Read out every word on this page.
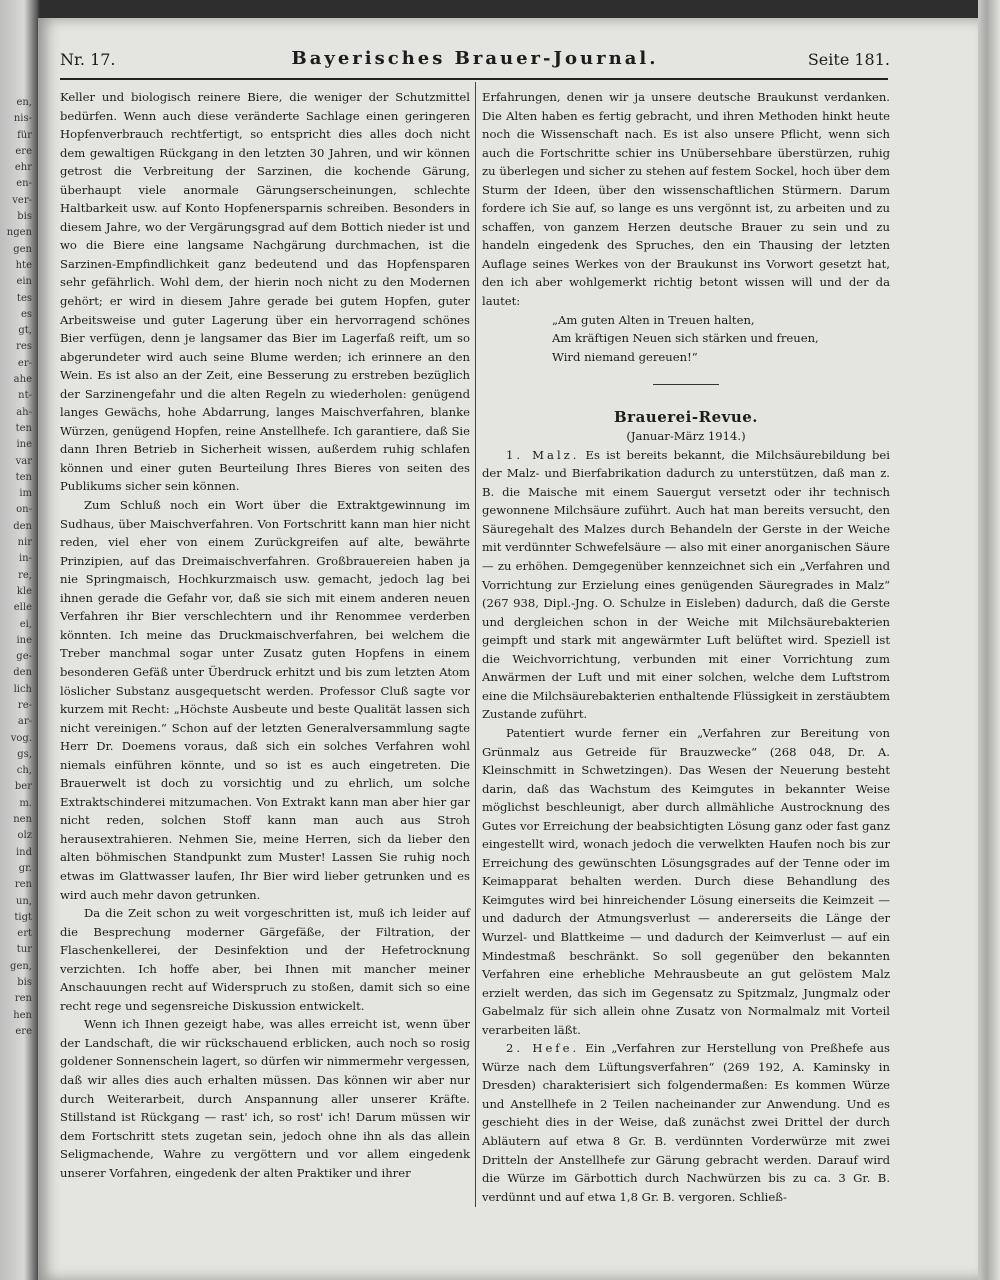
en,
nis-
für
ere
ehr
en-
ver-
bis
ngen
gen
hte
ein
tes
es
gt,
res
er-
ahe
nt-
ah-
ten
ine
var
ten
im
on-
den
nir
in-
re,
kle
elle
ei,
ine
ge-
den
lich
re-
ar-
vog.
gs,
ch,
ber
m.
nen
olz
ind
gr.
ren
un,
tigt
ert
tur
gen,
bis
ren
hen
ere
Nr. 17.	Bayerisches Brauer-Journal.	Seite 181.

Keller und biologisch reinere Biere, die weniger der Schutzmittel bedürfen. Wenn auch diese veränderte Sachlage einen geringeren Hopfenverbrauch rechtfertigt, so entspricht dies alles doch nicht dem gewaltigen Rückgang in den letzten 30 Jahren, und wir können getrost die Verbreitung der Sarzinen, die kochende Gärung, überhaupt viele anormale Gärungserscheinungen, schlechte Haltbarkeit usw. auf Konto Hopfenersparnis schreiben. Besonders in diesem Jahre, wo der Vergärungsgrad auf dem Bottich nieder ist und wo die Biere eine langsame Nachgärung durchmachen, ist die Sarzinen-Empfindlichkeit ganz bedeutend und das Hopfensparen sehr gefährlich. Wohl dem, der hierin noch nicht zu den Modernen gehört; er wird in diesem Jahre gerade bei gutem Hopfen, guter Arbeitsweise und guter Lagerung über ein hervorragend schönes Bier verfügen, denn je langsamer das Bier im Lagerfaß reift, um so abgerundeter wird auch seine Blume werden; ich erinnere an den Wein. Es ist also an der Zeit, eine Besserung zu erstreben bezüglich der Sarzinengefahr und die alten Regeln zu wiederholen: genügend langes Gewächs, hohe Abdarrung, langes Maischverfahren, blanke Würzen, genügend Hopfen, reine Anstellhefe. Ich garantiere, daß Sie dann Ihren Betrieb in Sicherheit wissen, außerdem ruhig schlafen können und einer guten Beurteilung Ihres Bieres von seiten des Publikums sicher sein können.

Zum Schluß noch ein Wort über die Extraktgewinnung im Sudhaus, über Maischverfahren. Von Fortschritt kann man hier nicht reden, viel eher von einem Zurückgreifen auf alte, bewährte Prinzipien, auf das Dreimaischverfahren. Großbrauereien haben ja nie Springmaisch, Hochkurzmaisch usw. gemacht, jedoch lag bei ihnen gerade die Gefahr vor, daß sie sich mit einem anderen neuen Verfahren ihr Bier verschlechtern und ihr Renommee verderben könnten. Ich meine das Druckmaischverfahren, bei welchem die Treber manchmal sogar unter Zusatz guten Hopfens in einem besonderen Gefäß unter Überdruck erhitzt und bis zum letzten Atom löslicher Substanz ausgequetscht werden. Professor Cluß sagte vor kurzem mit Recht: „Höchste Ausbeute und beste Qualität lassen sich nicht vereinigen.“ Schon auf der letzten Generalversammlung sagte Herr Dr. Doemens voraus, daß sich ein solches Verfahren wohl niemals einführen könnte, und so ist es auch eingetreten. Die Brauerwelt ist doch zu vorsichtig und zu ehrlich, um solche Extraktschinderei mitzumachen. Von Extrakt kann man aber hier gar nicht reden, solchen Stoff kann man auch aus Stroh herausextrahieren. Nehmen Sie, meine Herren, sich da lieber den alten böhmischen Standpunkt zum Muster! Lassen Sie ruhig noch etwas im Glattwasser laufen, Ihr Bier wird lieber getrunken und es wird auch mehr davon getrunken.

Da die Zeit schon zu weit vorgeschritten ist, muß ich leider auf die Besprechung moderner Gärgefäße, der Filtration, der Flaschenkellerei, der Desinfektion und der Hefetrocknung verzichten. Ich hoffe aber, bei Ihnen mit mancher meiner Anschauungen recht auf Widerspruch zu stoßen, damit sich so eine recht rege und segensreiche Diskussion entwickelt.

Wenn ich Ihnen gezeigt habe, was alles erreicht ist, wenn über der Landschaft, die wir rückschauend erblicken, auch noch so rosig goldener Sonnenschein lagert, so dürfen wir nimmermehr vergessen, daß wir alles dies auch erhalten müssen. Das können wir aber nur durch Weiterarbeit, durch Anspannung aller unserer Kräfte. Stillstand ist Rückgang — rast' ich, so rost' ich! Darum müssen wir dem Fortschritt stets zugetan sein, jedoch ohne ihn als das allein Seligmachende, Wahre zu vergöttern und vor allem eingedenk unserer Vorfahren, eingedenk der alten Praktiker und ihrer

Erfahrungen, denen wir ja unsere deutsche Braukunst verdanken. Die Alten haben es fertig gebracht, und ihren Methoden hinkt heute noch die Wissenschaft nach. Es ist also unsere Pflicht, wenn sich auch die Fortschritte schier ins Unübersehbare überstürzen, ruhig zu überlegen und sicher zu stehen auf festem Sockel, hoch über dem Sturm der Ideen, über den wissenschaftlichen Stürmern. Darum fordere ich Sie auf, so lange es uns vergönnt ist, zu arbeiten und zu schaffen, von ganzem Herzen deutsche Brauer zu sein und zu handeln eingedenk des Spruches, den ein Thausing der letzten Auflage seines Werkes von der Braukunst ins Vorwort gesetzt hat, den ich aber wohlgemerkt richtig betont wissen will und der da lautet:

„Am guten Alten in Treuen halten,
Am kräftigen Neuen sich stärken und freuen,
Wird niemand gereuen!“
Brauerei-Revue.
(Januar-März 1914.)

1. Malz. Es ist bereits bekannt, die Milchsäurebildung bei der Malz- und Bierfabrikation dadurch zu unterstützen, daß man z. B. die Maische mit einem Sauergut versetzt oder ihr technisch gewonnene Milchsäure zuführt. Auch hat man bereits versucht, den Säuregehalt des Malzes durch Behandeln der Gerste in der Weiche mit verdünnter Schwefelsäure — also mit einer anorganischen Säure — zu erhöhen. Demgegenüber kennzeichnet sich ein „Verfahren und Vorrichtung zur Erzielung eines genügenden Säuregrades in Malz“ (267 938, Dipl.-Jng. O. Schulze in Eisleben) dadurch, daß die Gerste und dergleichen schon in der Weiche mit Milchsäurebakterien geimpft und stark mit angewärmter Luft belüftet wird. Speziell ist die Weichvorrichtung, verbunden mit einer Vorrichtung zum Anwärmen der Luft und mit einer solchen, welche dem Luftstrom eine die Milchsäurebakterien enthaltende Flüssigkeit in zerstäubtem Zustande zuführt.

Patentiert wurde ferner ein „Verfahren zur Bereitung von Grünmalz aus Getreide für Brauzwecke“ (268 048, Dr. A. Kleinschmitt in Schwetzingen). Das Wesen der Neuerung besteht darin, daß das Wachstum des Keimgutes in bekannter Weise möglichst beschleunigt, aber durch allmähliche Austrocknung des Gutes vor Erreichung der beabsichtigten Lösung ganz oder fast ganz eingestellt wird, wonach jedoch die verwelkten Haufen noch bis zur Erreichung des gewünschten Lösungsgrades auf der Tenne oder im Keimapparat behalten werden. Durch diese Behandlung des Keimgutes wird bei hinreichender Lösung einerseits die Keimzeit — und dadurch der Atmungsverlust — andererseits die Länge der Wurzel- und Blattkeime — und dadurch der Keimverlust — auf ein Mindestmaß beschränkt. So soll gegenüber den bekannten Verfahren eine erhebliche Mehrausbeute an gut gelöstem Malz erzielt werden, das sich im Gegensatz zu Spitzmalz, Jungmalz oder Gabelmalz für sich allein ohne Zusatz von Normalmalz mit Vorteil verarbeiten läßt.

2. Hefe. Ein „Verfahren zur Herstellung von Preßhefe aus Würze nach dem Lüftungsverfahren“ (269 192, A. Kaminsky in Dresden) charakterisiert sich folgendermaßen: Es kommen Würze und Anstellhefe in 2 Teilen nacheinander zur Anwendung. Und es geschieht dies in der Weise, daß zunächst zwei Drittel der durch Abläutern auf etwa 8 Gr. B. verdünnten Vorderwürze mit zwei Dritteln der Anstellhefe zur Gärung gebracht werden. Darauf wird die Würze im Gärbottich durch Nachwürzen bis zu ca. 3 Gr. B. verdünnt und auf etwa 1,8 Gr. B. vergoren. Schließ-
